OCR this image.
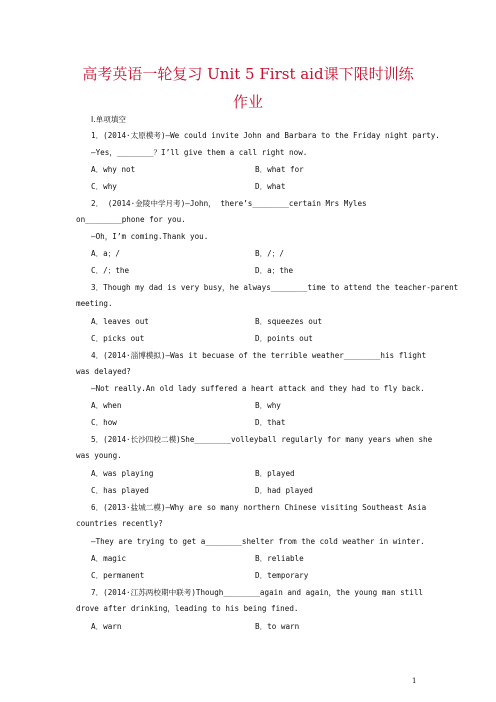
高考英语一轮复习 Unit 5 First aid课下限时训练
作业
Ⅰ.单项填空
1．(2014·太原模考)—We could invite John and Barbara to the Friday night party.
—Yes，________？I’ll give them a call right now.
A．why not	B．what for
C．why	D．what
2． (2014·金陵中学月考)—John， there’s________certain Mrs Myles
on________phone for you.
—Oh，I’m coming.Thank you.
A．a；/	B．/；/
C．/；the	D．a；the
3．Though my dad is very busy，he always________time to attend the teacher-parent
meeting.
A．leaves out	B．squeezes out
C．picks out	D．points out
4．(2014·淄博模拟)—Was it becuase of the terrible weather________his flight
was delayed?
—Not really.An old lady suffered a heart attack and they had to fly back.
A．when	B．why
C．how	D．that
5．(2014·长沙四校二模)She________volleyball regularly for many years when she
was young.
A．was playing	B．played
C．has played	D．had played
6．(2013·盐城二模)—Why are so many northern Chinese visiting Southeast Asia
countries recently?
—They are trying to get a________shelter from the cold weather in winter.
A．magic	B．reliable
C．permanent	D．temporary
7．(2014·江苏两校期中联考)Though________again and again，the young man still
drove after drinking，leading to his being fined.
A．warn	B．to warn
1
